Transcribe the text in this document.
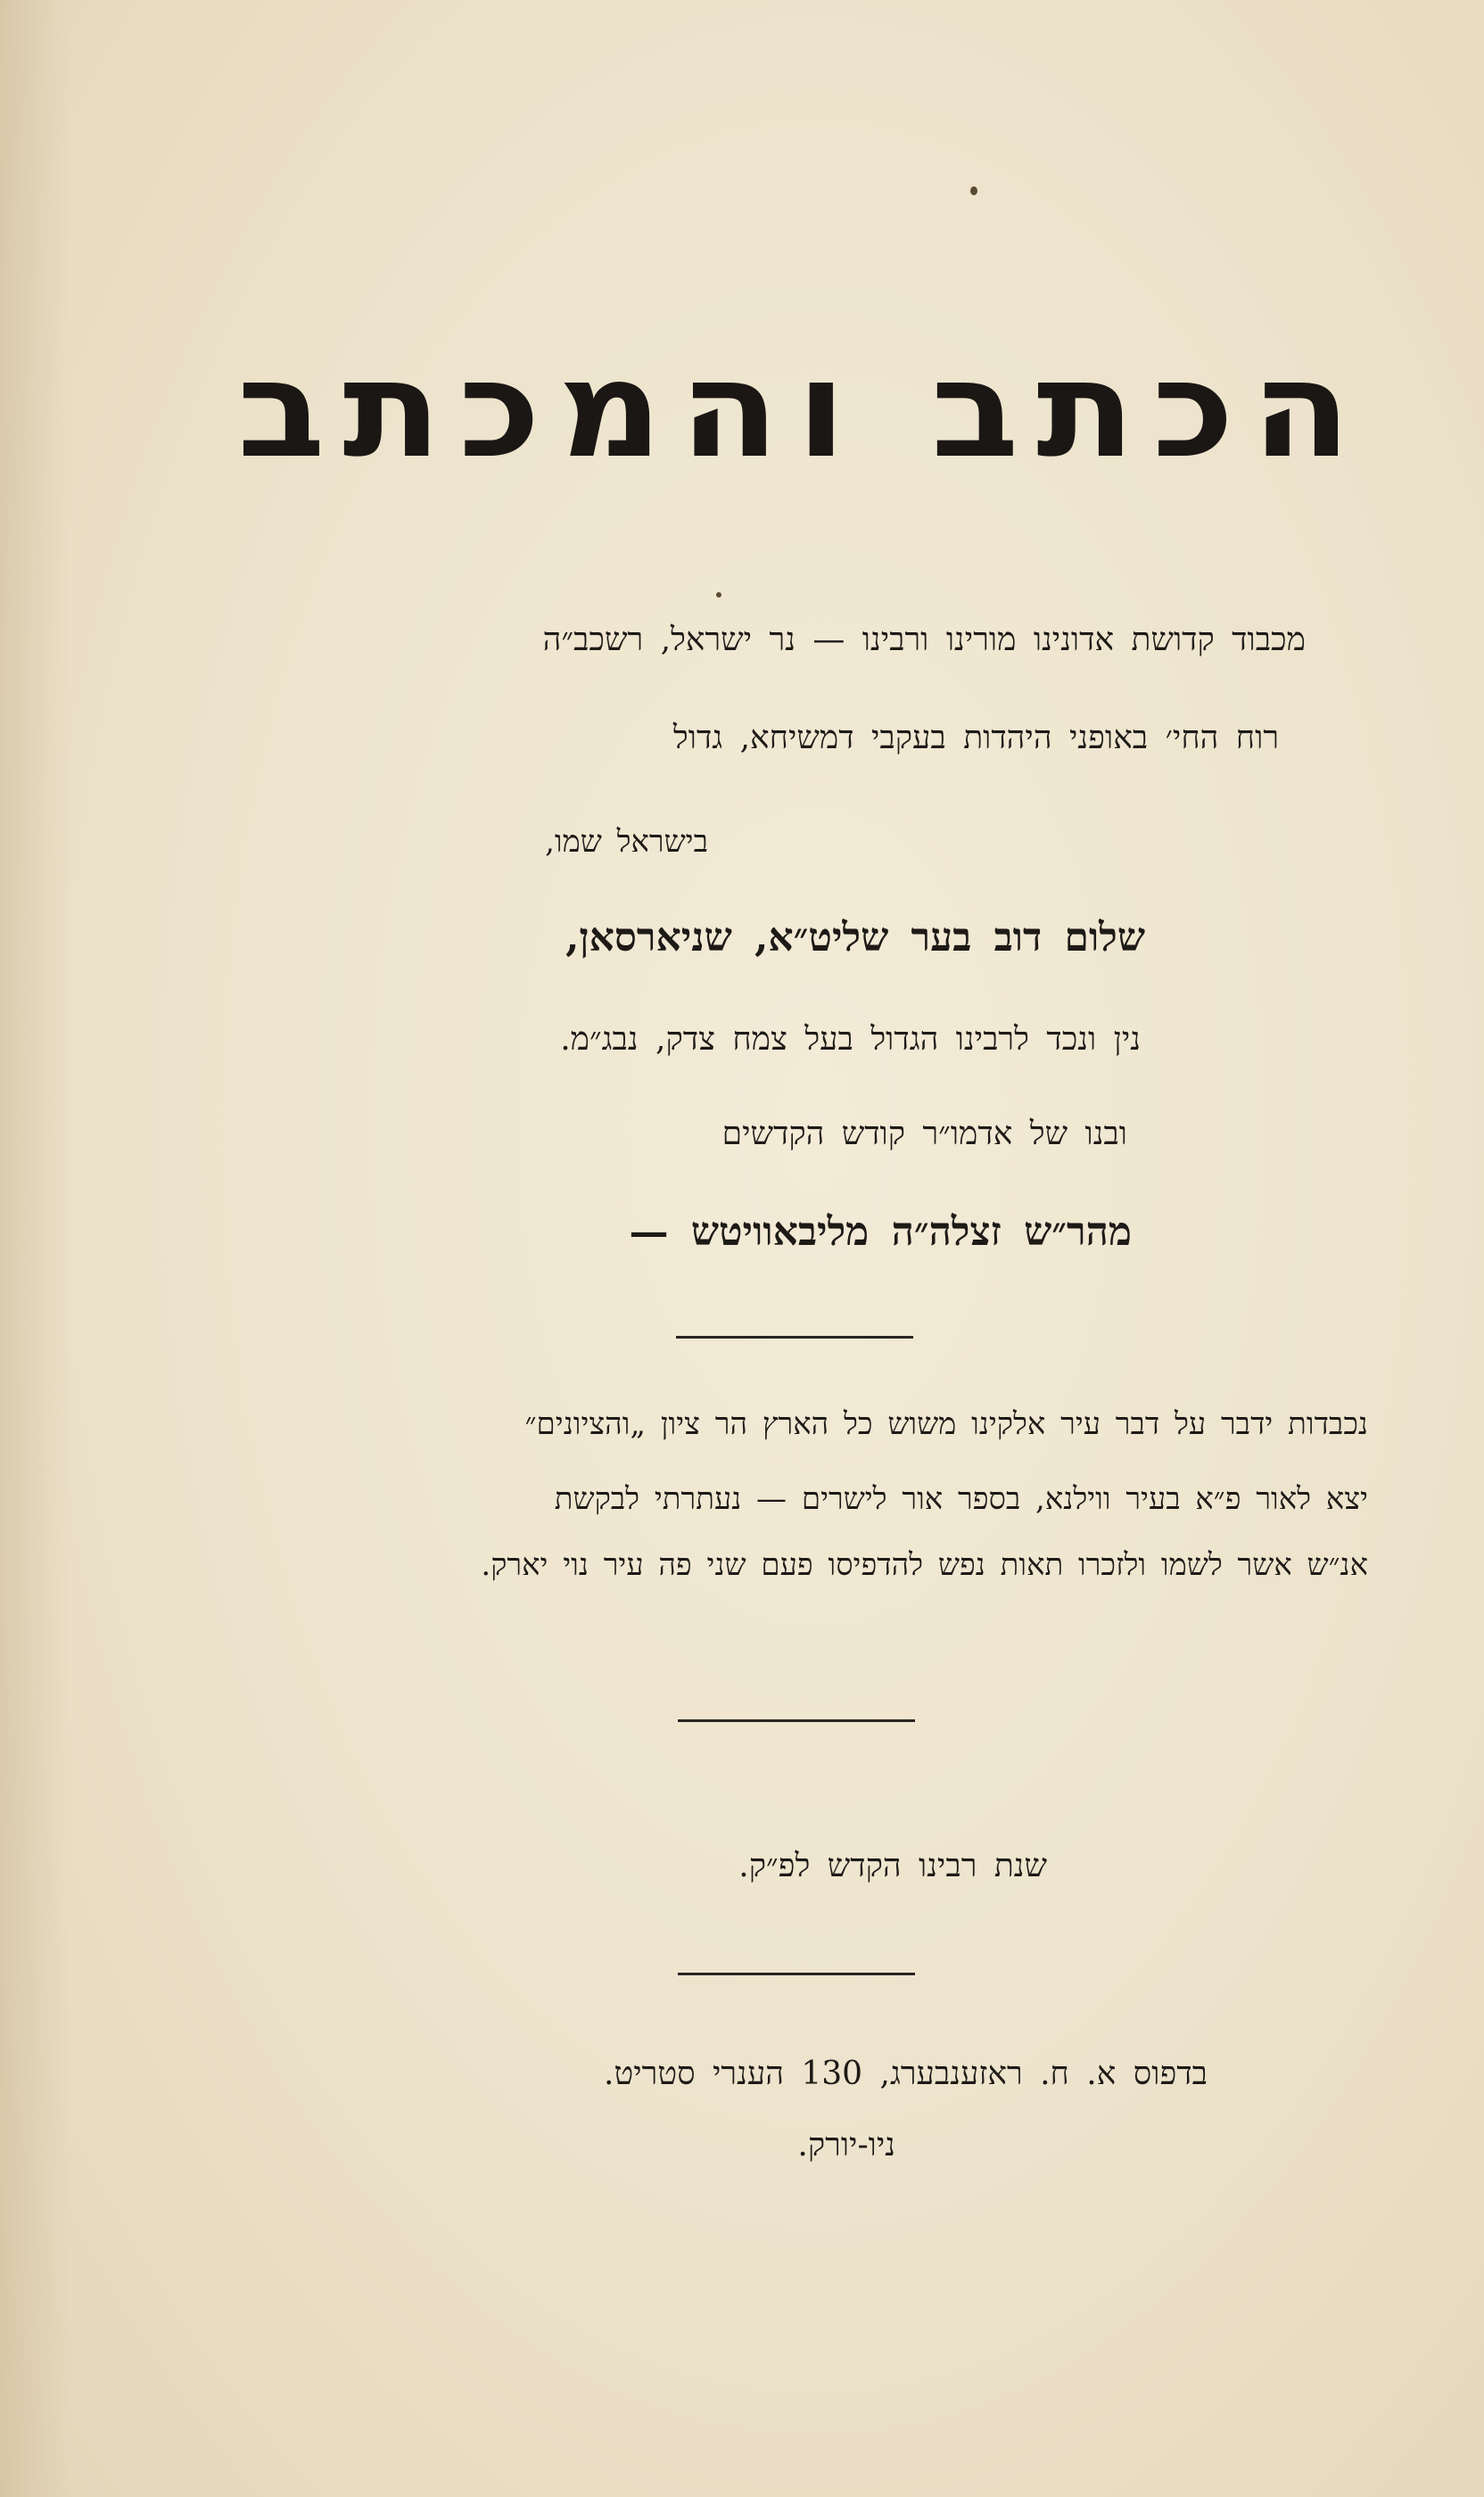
הכתב והמכתב
מכבוד קדושת אדונינו מורינו ורבינו — נר ישראל, רשכב״ה
רוח החי׳ באופני היהדות בעקבי דמשיחא, גדול
בישראל שמו,
שלום דוב בער שליט״א, שניארסאן,
נין ונכד לרבינו הגדול בעל צמח צדק, נבג״מ.
ובנו של אדמו״ר קודש הקדשים
מהר״ש זצלה״ה מליבאוויטש —
נכבדות ידבר על דבר עיר אלקינו משוש כל הארץ הר ציון „והציונים״
יצא לאור פ״א בעיר ווילנא, בספר אור לישרים — נעתרתי לבקשת
אנ״ש אשר לשמו ולזכרו תאות נפש להדפיסו פעם שני פה עיר נוי יארק.
שנת רבינו הקדש לפ״ק.
בדפוס א. ח. ראזענבערג, 130 הענרי סטריט.
ניו-יורק.
